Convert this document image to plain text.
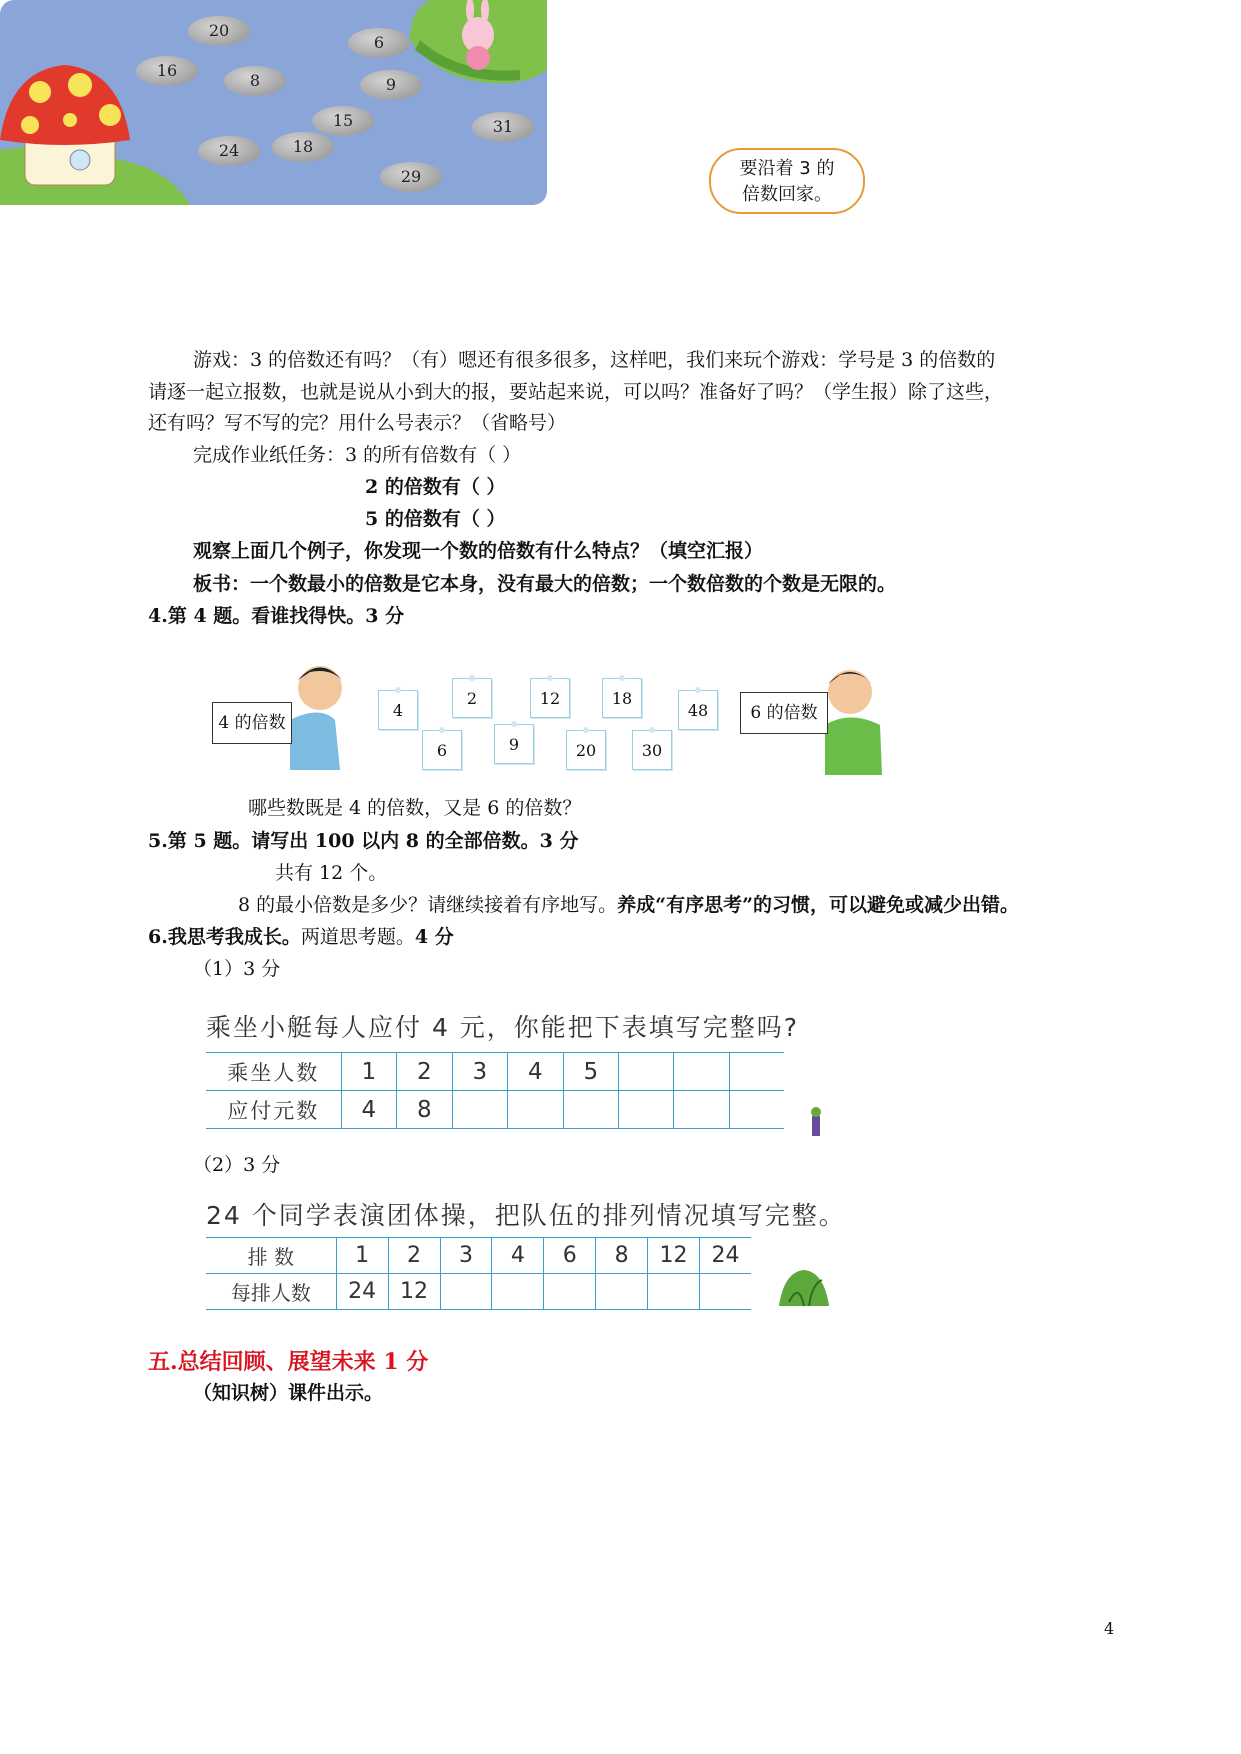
20
6
16
8	9
15	31
24	18
29	要沿着 3 的
倍数回家。
游戏：3 的倍数还有吗？（有）嗯还有很多很多，这样吧，我们来玩个游戏：学号是 3 的倍数的
请逐一起立报数，也就是说从小到大的报，要站起来说，可以吗？准备好了吗？（学生报）除了这些，
还有吗？写不写的完？用什么号表示？（省略号）
完成作业纸任务：3 的所有倍数有（ ）
2 的倍数有（ ）
5 的倍数有（ ）
观察上面几个例子，你发现一个数的倍数有什么特点？（填空汇报）
板书：一个数最小的倍数是它本身，没有最大的倍数；一个数倍数的个数是无限的。
4.第 4 题。看谁找得快。3 分
4 的倍数	6 的倍数
4
2	12	18
48
6	9	20	30
哪些数既是 4 的倍数，又是 6 的倍数？
5.第 5 题。请写出 100 以内 8 的全部倍数。3 分
共有 12 个。
8 的最小倍数是多少？请继续接着有序地写。养成“有序思考”的习惯，可以避免或减少出错。
6.我思考我成长。两道思考题。4 分
（1）3 分
乘坐小艇每人应付 4 元，你能把下表填写完整吗?
乘坐人数	1	2	3	4	5			
应付元数	4	8						
（2）3 分
24 个同学表演团体操，把队伍的排列情况填写完整。
排 数	1	2	3	4	6	8	12	24
每排人数	24	12						
五.总结回顾、展望未来 1 分
（知识树）课件出示。
4
